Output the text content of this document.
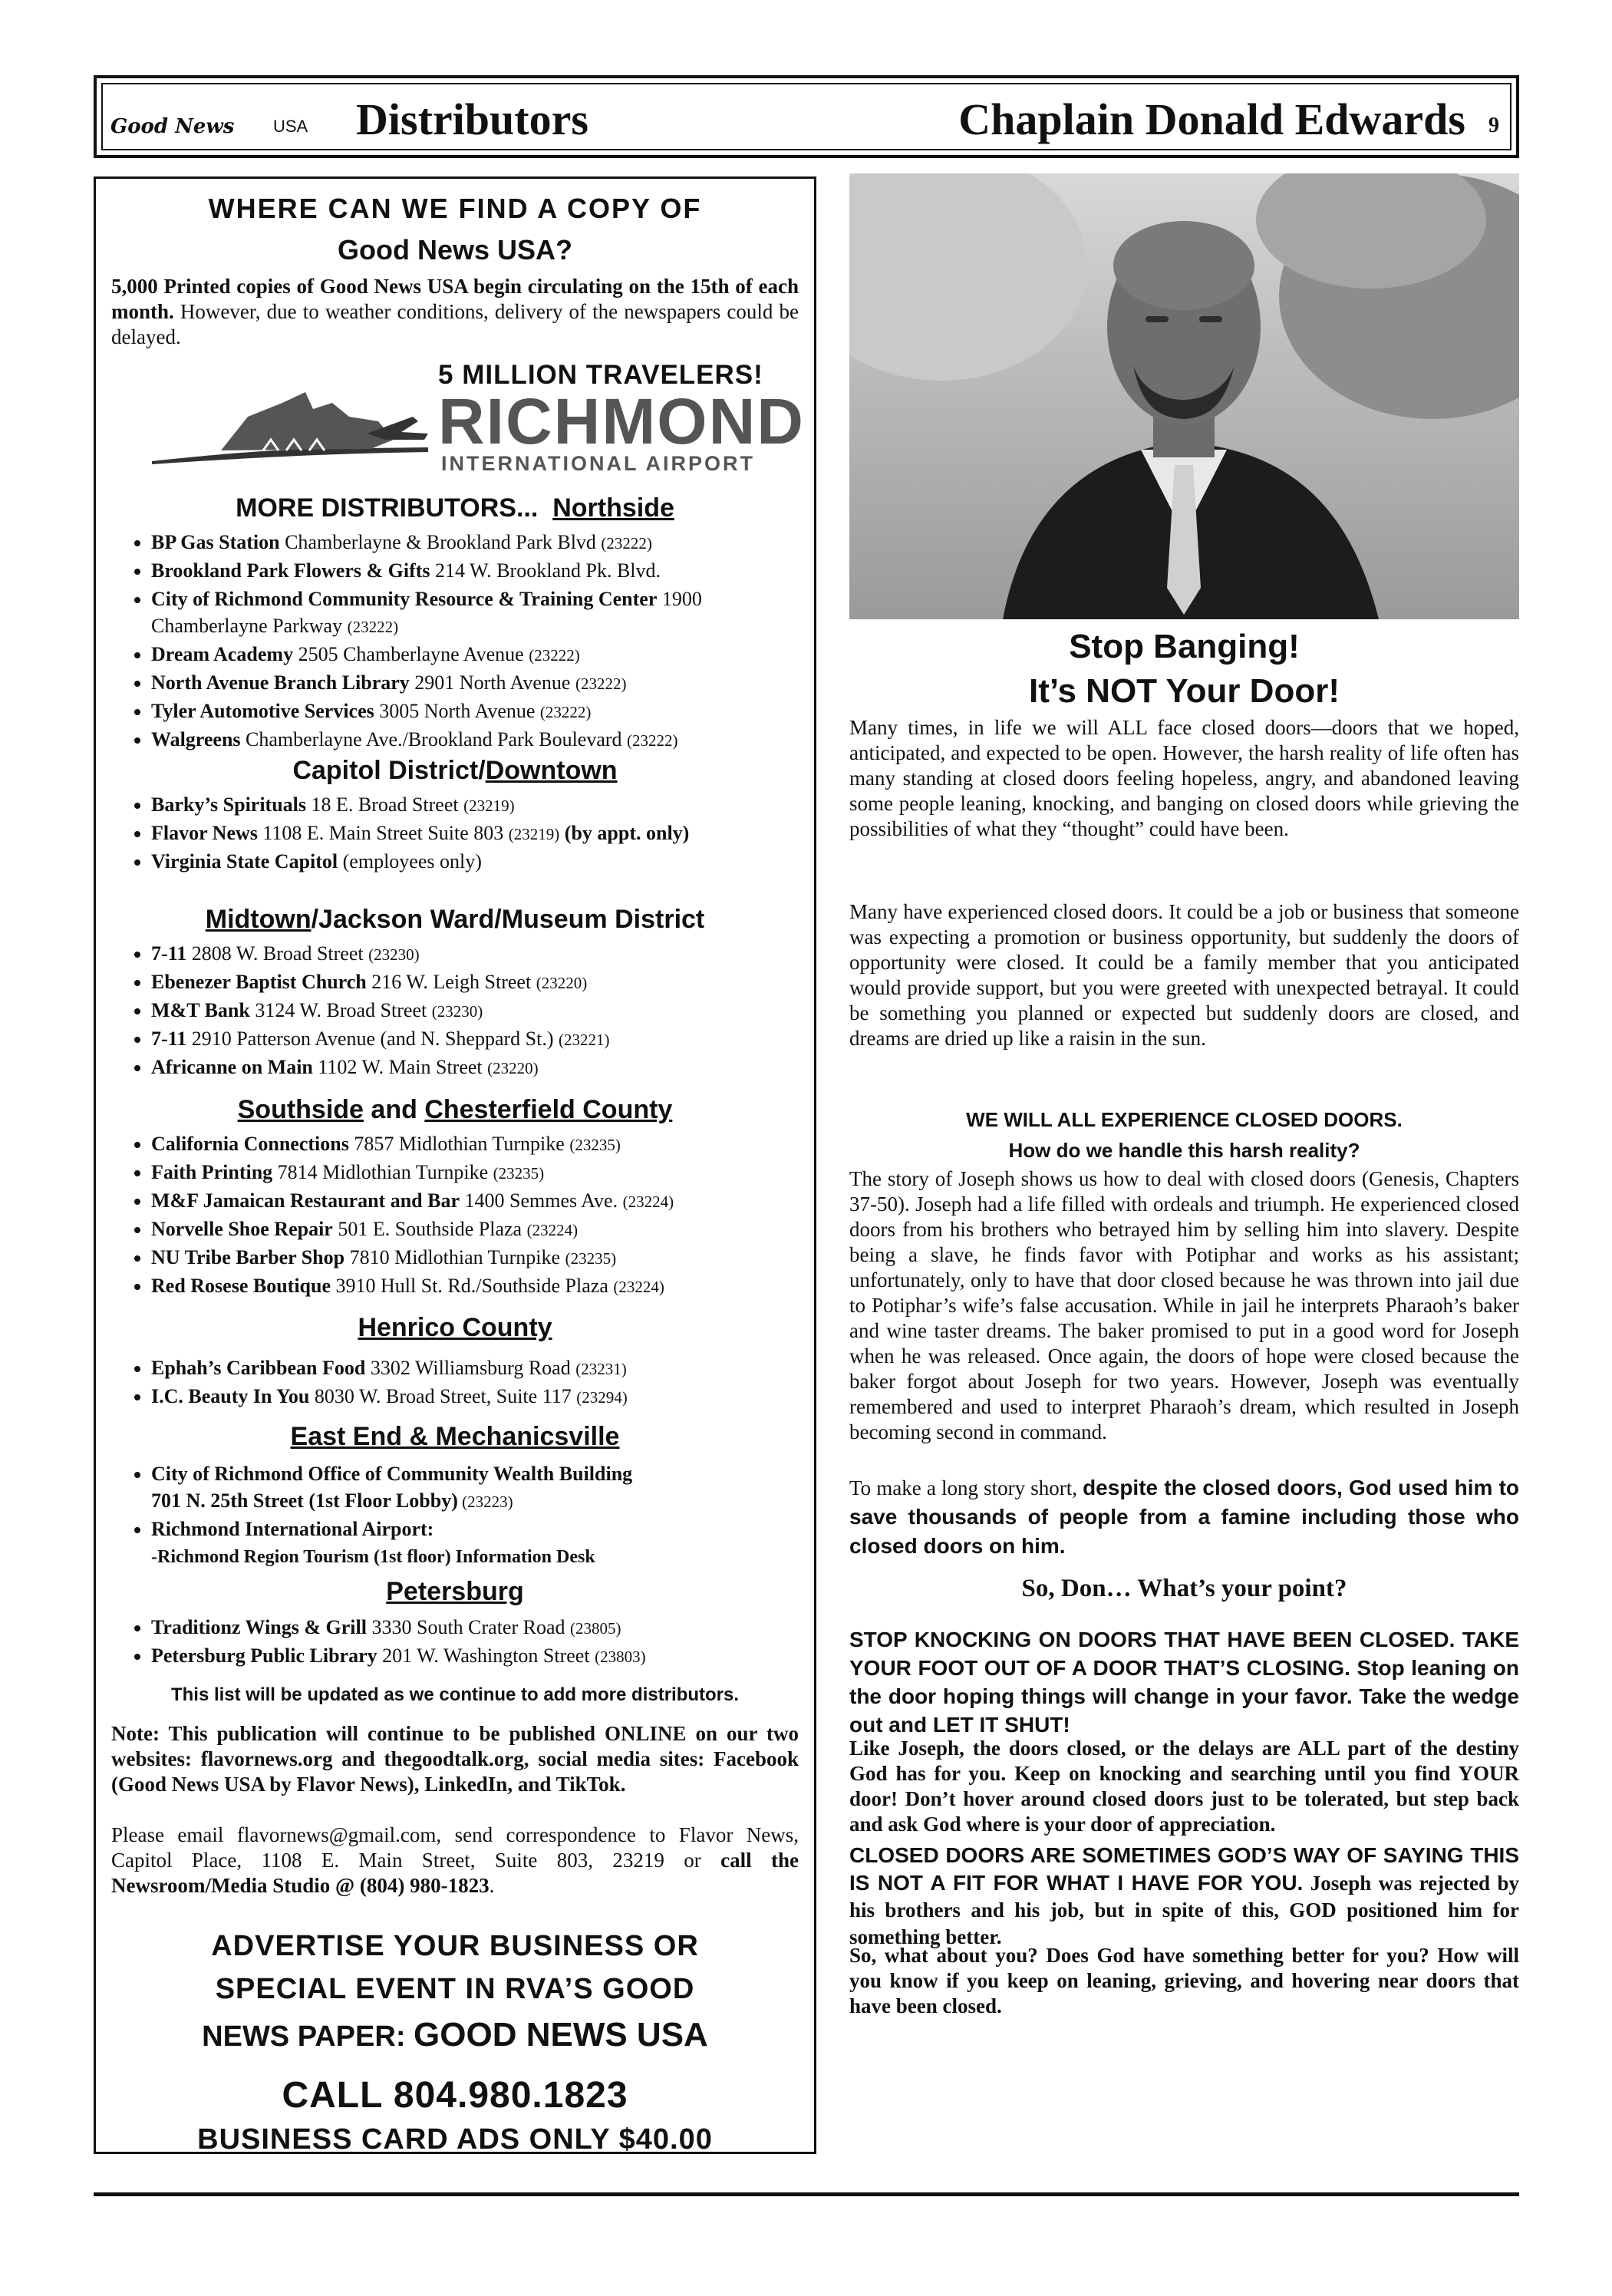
Good News USA Distributors	Chaplain Donald Edwards 9
WHERE CAN WE FIND A COPY OF
Good News USA?
5,000 Printed copies of Good News USA begin circulating on the 15th of each month. However, due to weather conditions, delivery of the newspapers could be delayed.
5 MILLION TRAVELERS!
RICHMOND
INTERNATIONAL AIRPORT
MORE DISTRIBUTORS... Northside
• BP Gas Station Chamberlayne & Brookland Park Blvd (23222)
• Brookland Park Flowers & Gifts 214 W. Brookland Pk. Blvd.
• City of Richmond Community Resource & Training Center 1900 Chamberlayne Parkway (23222)
• Dream Academy 2505 Chamberlayne Avenue (23222)
• North Avenue Branch Library 2901 North Avenue (23222)
• Tyler Automotive Services 3005 North Avenue (23222)
• Walgreens Chamberlayne Ave./Brookland Park Boulevard (23222)
Capitol District/Downtown
• Barky’s Spirituals 18 E. Broad Street (23219)
• Flavor News 1108 E. Main Street Suite 803 (23219) (by appt. only)
• Virginia State Capitol (employees only)
Midtown/Jackson Ward/Museum District
• 7-11 2808 W. Broad Street (23230)
• Ebenezer Baptist Church 216 W. Leigh Street (23220)
• M&T Bank 3124 W. Broad Street (23230)
• 7-11 2910 Patterson Avenue (and N. Sheppard St.) (23221)
• Africanne on Main 1102 W. Main Street (23220)
Southside and Chesterfield County
• California Connections 7857 Midlothian Turnpike (23235)
• Faith Printing 7814 Midlothian Turnpike (23235)
• M&F Jamaican Restaurant and Bar 1400 Semmes Ave. (23224)
• Norvelle Shoe Repair 501 E. Southside Plaza (23224)
• NU Tribe Barber Shop 7810 Midlothian Turnpike (23235)
• Red Rosese Boutique 3910 Hull St. Rd./Southside Plaza (23224)
Henrico County
• Ephah’s Caribbean Food 3302 Williamsburg Road (23231)
• I.C. Beauty In You 8030 W. Broad Street, Suite 117 (23294)
East End & Mechanicsville
• City of Richmond Office of Community Wealth Building
701 N. 25th Street (1st Floor Lobby) (23223)
• Richmond International Airport:
-Richmond Region Tourism (1st floor) Information Desk
Petersburg
• Traditionz Wings & Grill 3330 South Crater Road (23805)
• Petersburg Public Library 201 W. Washington Street (23803)
This list will be updated as we continue to add more distributors.
Note: This publication will continue to be published ONLINE on our two websites: flavornews.org and thegoodtalk.org, social media sites: Facebook (Good News USA by Flavor News), LinkedIn, and TikTok.
Please email flavornews@gmail.com, send correspondence to Flavor News, Capitol Place, 1108 E. Main Street, Suite 803, 23219 or call the Newsroom/Media Studio @ (804) 980-1823.
ADVERTISE YOUR BUSINESS OR
SPECIAL EVENT IN RVA’S GOOD
NEWS PAPER: GOOD NEWS USA
CALL 804.980.1823
BUSINESS CARD ADS ONLY $40.00
Stop Banging!
It’s NOT Your Door!
Many times, in life we will ALL face closed doors—doors that we hoped, anticipated, and expected to be open. However, the harsh reality of life often has many standing at closed doors feeling hopeless, angry, and abandoned leaving some people leaning, knocking, and banging on closed doors while grieving the possibilities of what they “thought” could have been.
Many have experienced closed doors. It could be a job or business that someone was expecting a promotion or business opportunity, but suddenly the doors of opportunity were closed. It could be a family member that you anticipated would provide support, but you were greeted with unexpected betrayal. It could be something you planned or expected but suddenly doors are closed, and dreams are dried up like a raisin in the sun.
WE WILL ALL EXPERIENCE CLOSED DOORS.
How do we handle this harsh reality?
The story of Joseph shows us how to deal with closed doors (Genesis, Chapters 37-50). Joseph had a life filled with ordeals and triumph. He experienced closed doors from his brothers who betrayed him by selling him into slavery. Despite being a slave, he finds favor with Potiphar and works as his assistant; unfortunately, only to have that door closed because he was thrown into jail due to Potiphar’s wife’s false accusation. While in jail he interprets Pharaoh’s baker and wine taster dreams. The baker promised to put in a good word for Joseph when he was released. Once again, the doors of hope were closed because the baker forgot about Joseph for two years. However, Joseph was eventually remembered and used to interpret Pharaoh’s dream, which resulted in Joseph becoming second in command.
To make a long story short, despite the closed doors, God used him to save thousands of people from a famine including those who closed doors on him.
So, Don… What’s your point?
STOP KNOCKING ON DOORS THAT HAVE BEEN CLOSED. TAKE YOUR FOOT OUT OF A DOOR THAT’S CLOSING. Stop leaning on the door hoping things will change in your favor. Take the wedge out and LET IT SHUT!
Like Joseph, the doors closed, or the delays are ALL part of the destiny God has for you. Keep on knocking and searching until you find YOUR door! Don’t hover around closed doors just to be tolerated, but step back and ask God where is your door of appreciation.
CLOSED DOORS ARE SOMETIMES GOD’S WAY OF SAYING THIS IS NOT A FIT FOR WHAT I HAVE FOR YOU. Joseph was rejected by his brothers and his job, but in spite of this, GOD positioned him for something better.
So, what about you? Does God have something better for you? How will you know if you keep on leaning, grieving, and hovering near doors that have been closed.
